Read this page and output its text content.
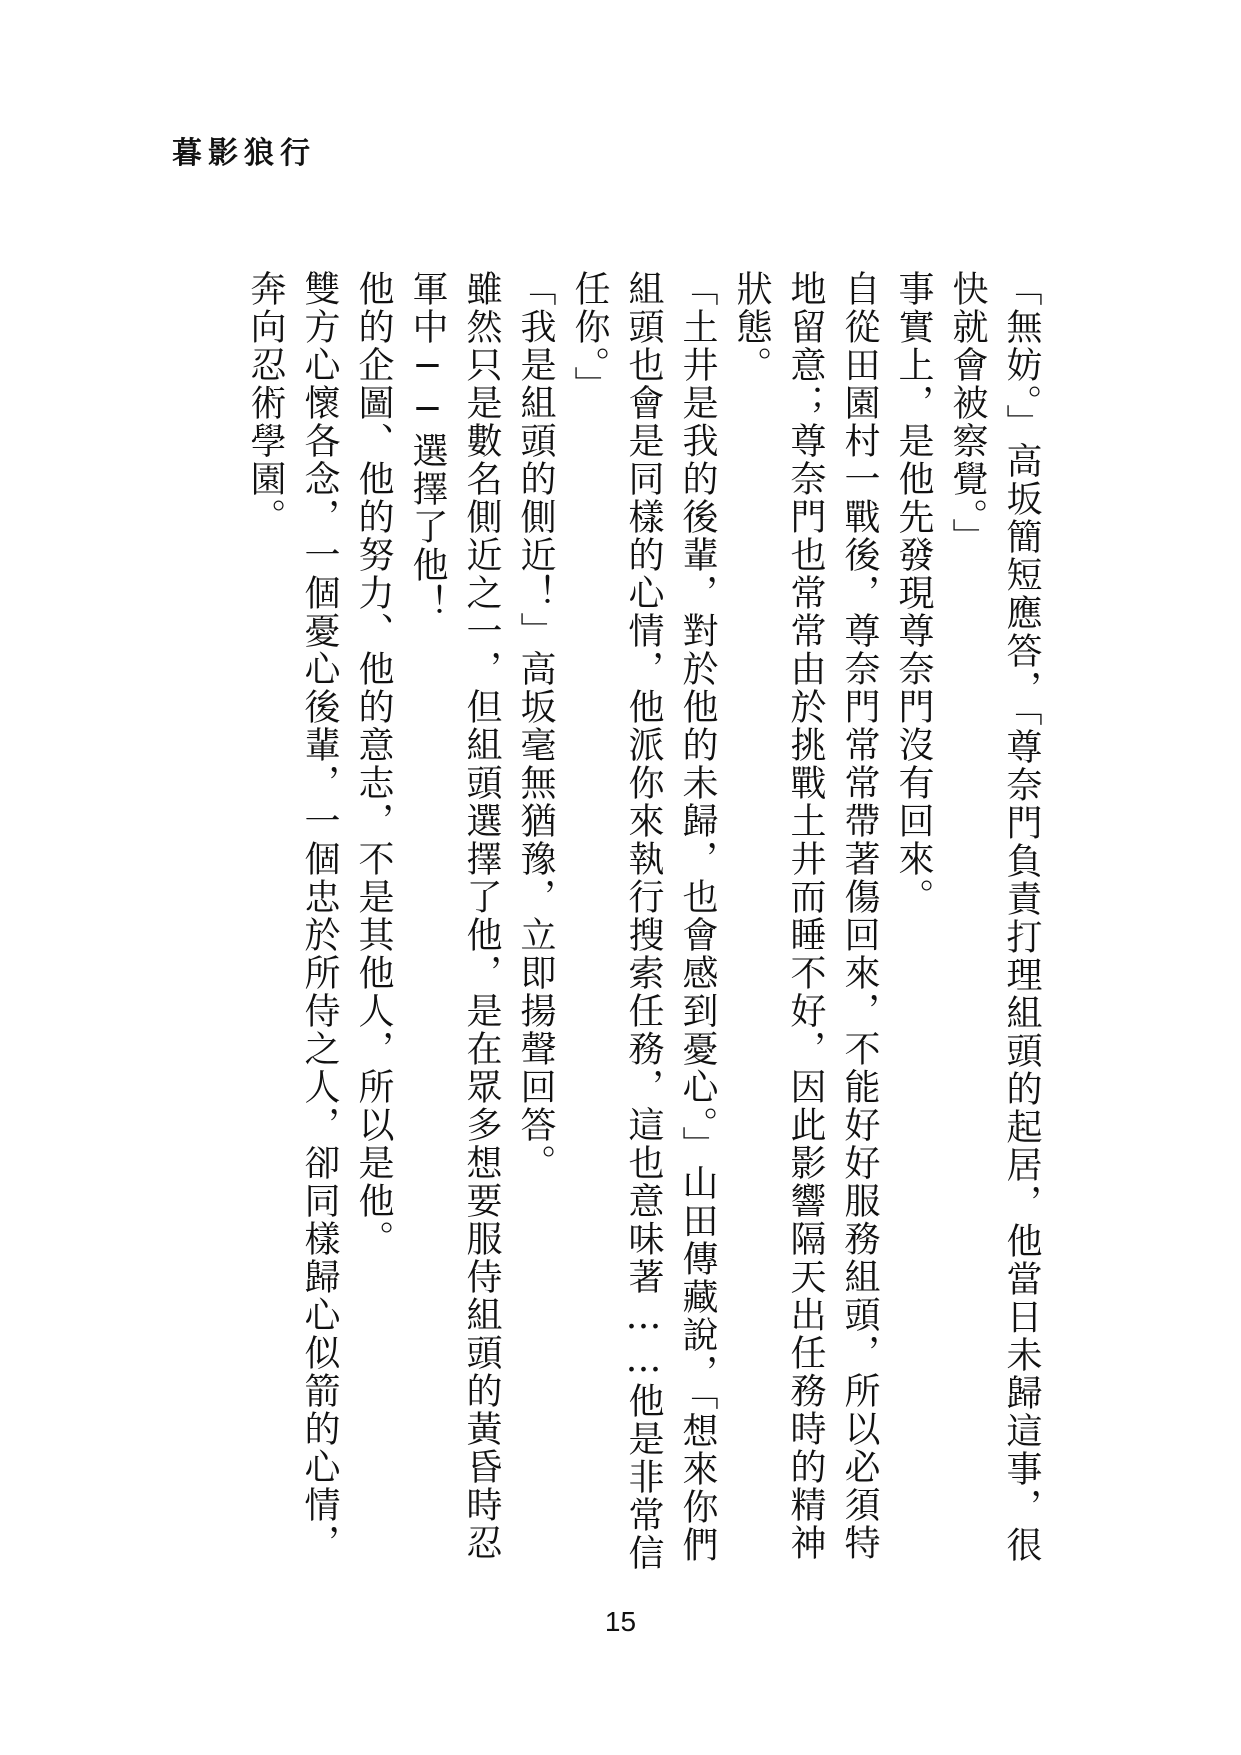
暮影狼行

「無妨。」高坂簡短應答，「尊奈門負責打理組頭的起居，他當日未歸這事，很快就會被察覺。」

事實上，是他先發現尊奈門沒有回來。

自從田園村一戰後，尊奈門常常帶著傷回來，不能好好服務組頭，所以必須特地留意；尊奈門也常常由於挑戰土井而睡不好，因此影響隔天出任務時的精神狀態。

「土井是我的後輩，對於他的未歸，也會感到憂心。」山田傳藏說，「想來你們組頭也會是同樣的心情，他派你來執行搜索任務，這也意味著……他是非常信任你。」

「我是組頭的側近！」高坂毫無猶豫，立即揚聲回答。

雖然只是數名側近之一，但組頭選擇了他，是在眾多想要服侍組頭的黃昏時忍軍中──選擇了他！

他的企圖、他的努力、他的意志，不是其他人，所以是他。

雙方心懷各念，一個憂心後輩，一個忠於所侍之人，卻同樣歸心似箭的心情，奔向忍術學園。

15
